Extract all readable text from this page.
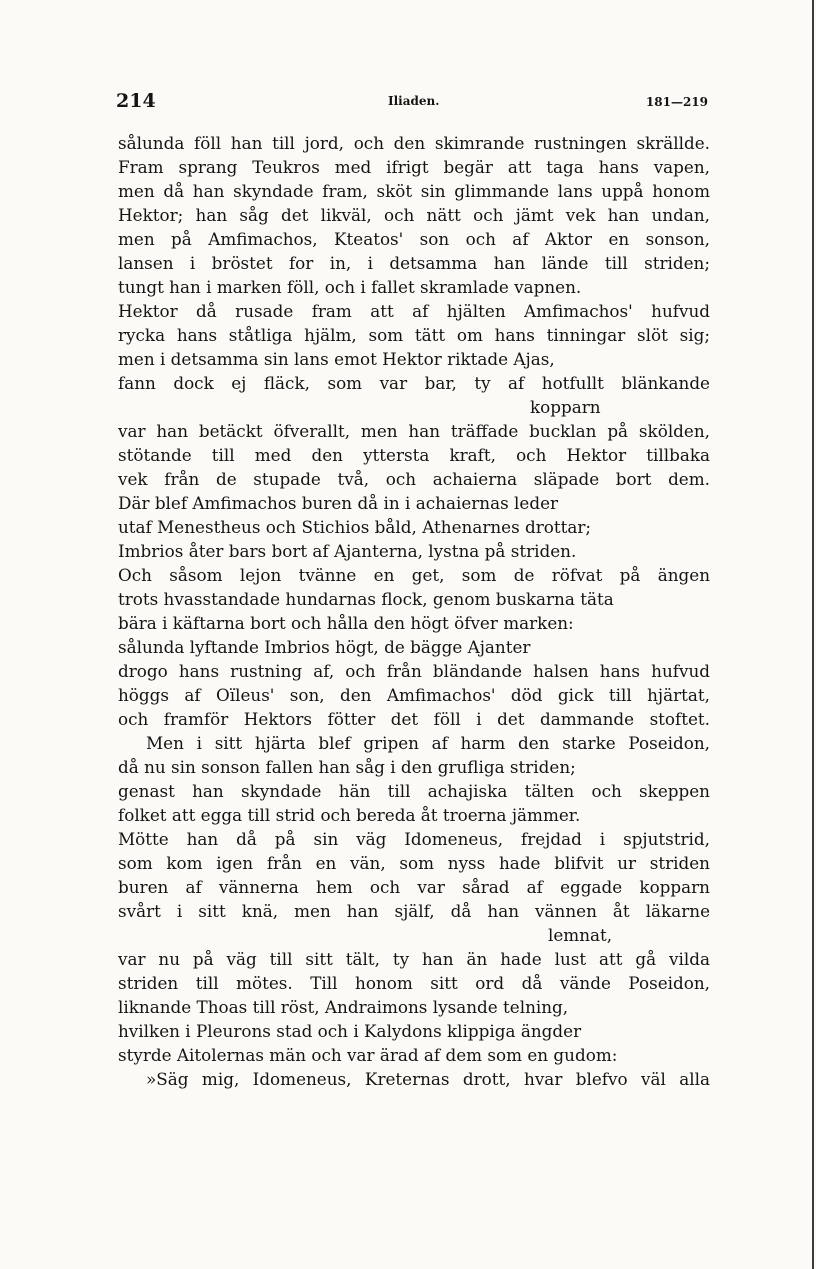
214	Iliaden.	181—219
sålunda föll han till jord, och den skimrande rustningen skrällde.
Fram sprang Teukros med ifrigt begär att taga hans vapen,
men då han skyndade fram, sköt sin glimmande lans uppå honom
Hektor; han såg det likväl, och nätt och jämt vek han undan,
men på Amfimachos, Kteatos' son och af Aktor en sonson,
lansen i bröstet for in, i detsamma han lände till striden;
tungt han i marken föll, och i fallet skramlade vapnen.
Hektor då rusade fram att af hjälten Amfimachos' hufvud
rycka hans ståtliga hjälm, som tätt om hans tinningar slöt sig;
men i detsamma sin lans emot Hektor riktade Ajas,
fann dock ej fläck, som var bar, ty af hotfullt blänkande
kopparn
var han betäckt öfverallt, men han träffade bucklan på skölden,
stötande till med den yttersta kraft, och Hektor tillbaka
vek från de stupade två, och achaierna släpade bort dem.
Där blef Amfimachos buren då in i achaiernas leder
utaf Menestheus och Stichios båld, Athenarnes drottar;
Imbrios åter bars bort af Ajanterna, lystna på striden.
Och såsom lejon tvänne en get, som de röfvat på ängen
trots hvasstandade hundarnas flock, genom buskarna täta
bära i käftarna bort och hålla den högt öfver marken:
sålunda lyftande Imbrios högt, de bägge Ajanter
drogo hans rustning af, och från bländande halsen hans hufvud
höggs af Oïleus' son, den Amfimachos' död gick till hjärtat,
och framför Hektors fötter det föll i det dammande stoftet.
Men i sitt hjärta blef gripen af harm den starke Poseidon,
då nu sin sonson fallen han såg i den grufliga striden;
genast han skyndade hän till achajiska tälten och skeppen
folket att egga till strid och bereda åt troerna jämmer.
Mötte han då på sin väg Idomeneus, frejdad i spjutstrid,
som kom igen från en vän, som nyss hade blifvit ur striden
buren af vännerna hem och var sårad af eggade kopparn
svårt i sitt knä, men han själf, då han vännen åt läkarne
lemnat,
var nu på väg till sitt tält, ty han än hade lust att gå vilda
striden till mötes. Till honom sitt ord då vände Poseidon,
liknande Thoas till röst, Andraimons lysande telning,
hvilken i Pleurons stad och i Kalydons klippiga ängder
styrde Aitolernas män och var ärad af dem som en gudom:
»Säg mig, Idomeneus, Kreternas drott, hvar blefvo väl alla
